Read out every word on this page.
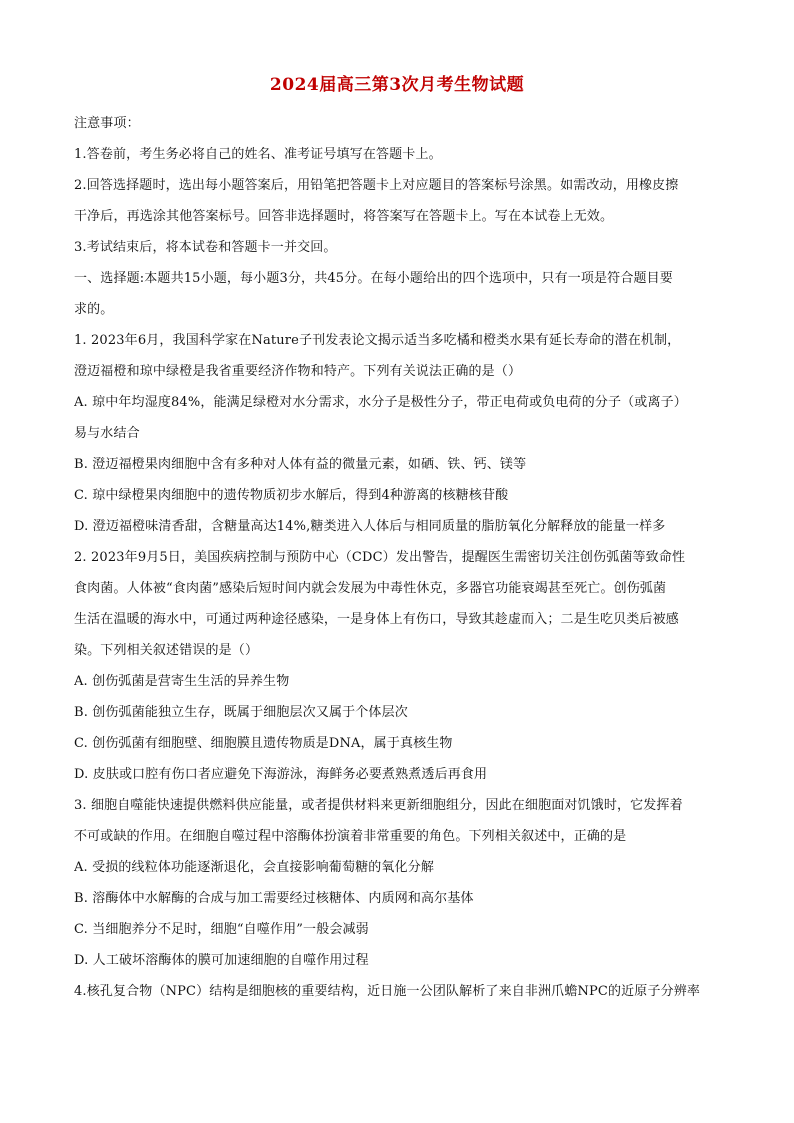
2024届高三第3次月考生物试题
注意事项：
1.答卷前，考生务必将自己的姓名、准考证号填写在答题卡上。
2.回答选择题时，选出每小题答案后，用铅笔把答题卡上对应题目的答案标号涂黑。如需改动，用橡皮擦
干净后，再选涂其他答案标号。回答非选择题时，将答案写在答题卡上。写在本试卷上无效。
3.考试结束后，将本试卷和答题卡一并交回。
一、选择题:本题共15小题，每小题3分，共45分。在每小题给出的四个选项中，只有一项是符合题目要
求的。
1. 2023年6月，我国科学家在Nature子刊发表论文揭示适当多吃橘和橙类水果有延长寿命的潜在机制，
澄迈福橙和琼中绿橙是我省重要经济作物和特产。下列有关说法正确的是（）
A. 琼中年均湿度84%，能满足绿橙对水分需求，水分子是极性分子，带正电荷或负电荷的分子（或离子）
易与水结合
B. 澄迈福橙果肉细胞中含有多种对人体有益的微量元素，如硒、铁、钙、镁等
C. 琼中绿橙果肉细胞中的遗传物质初步水解后，得到4种游离的核糖核苷酸
D. 澄迈福橙味清香甜，含糖量高达14%,糖类进入人体后与相同质量的脂肪氧化分解释放的能量一样多
2. 2023年9月5日，美国疾病控制与预防中心（CDC）发出警告，提醒医生需密切关注创伤弧菌等致命性
食肉菌。人体被“食肉菌”感染后短时间内就会发展为中毒性休克，多器官功能衰竭甚至死亡。创伤弧菌
生活在温暖的海水中，可通过两种途径感染，一是身体上有伤口，导致其趁虚而入；二是生吃贝类后被感
染。下列相关叙述错误的是（）
A. 创伤弧菌是营寄生生活的异养生物
B. 创伤弧菌能独立生存，既属于细胞层次又属于个体层次
C. 创伤弧菌有细胞壁、细胞膜且遗传物质是DNA，属于真核生物
D. 皮肤或口腔有伤口者应避免下海游泳，海鲜务必要煮熟煮透后再食用
3. 细胞自噬能快速提供燃料供应能量，或者提供材料来更新细胞组分，因此在细胞面对饥饿时，它发挥着
不可或缺的作用。在细胞自噬过程中溶酶体扮演着非常重要的角色。下列相关叙述中，正确的是
A. 受损的线粒体功能逐渐退化，会直接影响葡萄糖的氧化分解
B. 溶酶体中水解酶的合成与加工需要经过核糖体、内质网和高尔基体
C. 当细胞养分不足时，细胞“自噬作用”一般会减弱
D. 人工破坏溶酶体的膜可加速细胞的自噬作用过程
4.核孔复合物（NPC）结构是细胞核的重要结构，近日施一公团队解析了来自非洲爪蟾NPC的近原子分辨率
